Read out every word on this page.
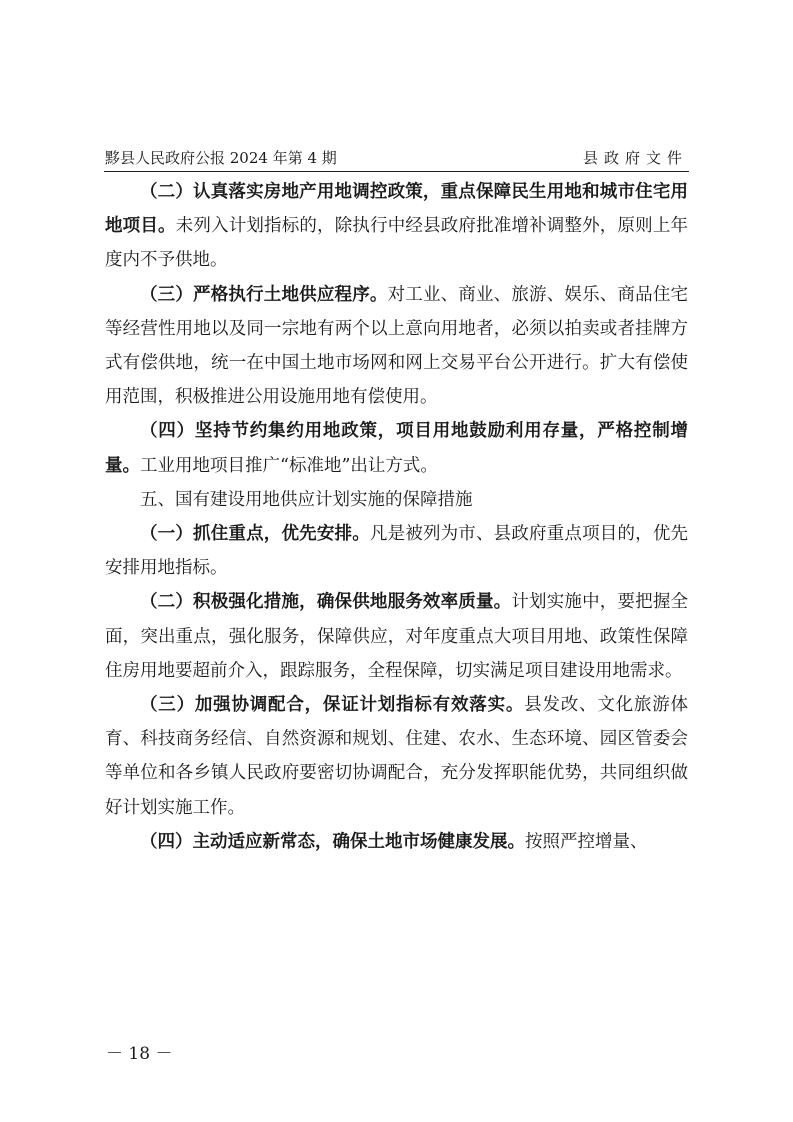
黟县人民政府公报 2024 年第 4 期	县政府文件

（二）认真落实房地产用地调控政策，重点保障民生用地和城市住宅用地项目。未列入计划指标的，除执行中经县政府批准增补调整外，原则上年度内不予供地。

（三）严格执行土地供应程序。对工业、商业、旅游、娱乐、商品住宅等经营性用地以及同一宗地有两个以上意向用地者，必须以拍卖或者挂牌方式有偿供地，统一在中国土地市场网和网上交易平台公开进行。扩大有偿使用范围，积极推进公用设施用地有偿使用。

（四）坚持节约集约用地政策，项目用地鼓励利用存量，严格控制增量。工业用地项目推广“标准地”出让方式。

五、国有建设用地供应计划实施的保障措施

（一）抓住重点，优先安排。凡是被列为市、县政府重点项目的，优先安排用地指标。

（二）积极强化措施，确保供地服务效率质量。计划实施中，要把握全面，突出重点，强化服务，保障供应，对年度重点大项目用地、政策性保障住房用地要超前介入，跟踪服务，全程保障，切实满足项目建设用地需求。

（三）加强协调配合，保证计划指标有效落实。县发改、文化旅游体育、科技商务经信、自然资源和规划、住建、农水、生态环境、园区管委会等单位和各乡镇人民政府要密切协调配合，充分发挥职能优势，共同组织做好计划实施工作。

（四）主动适应新常态，确保土地市场健康发展。按照严控增量、

－ 18 －
